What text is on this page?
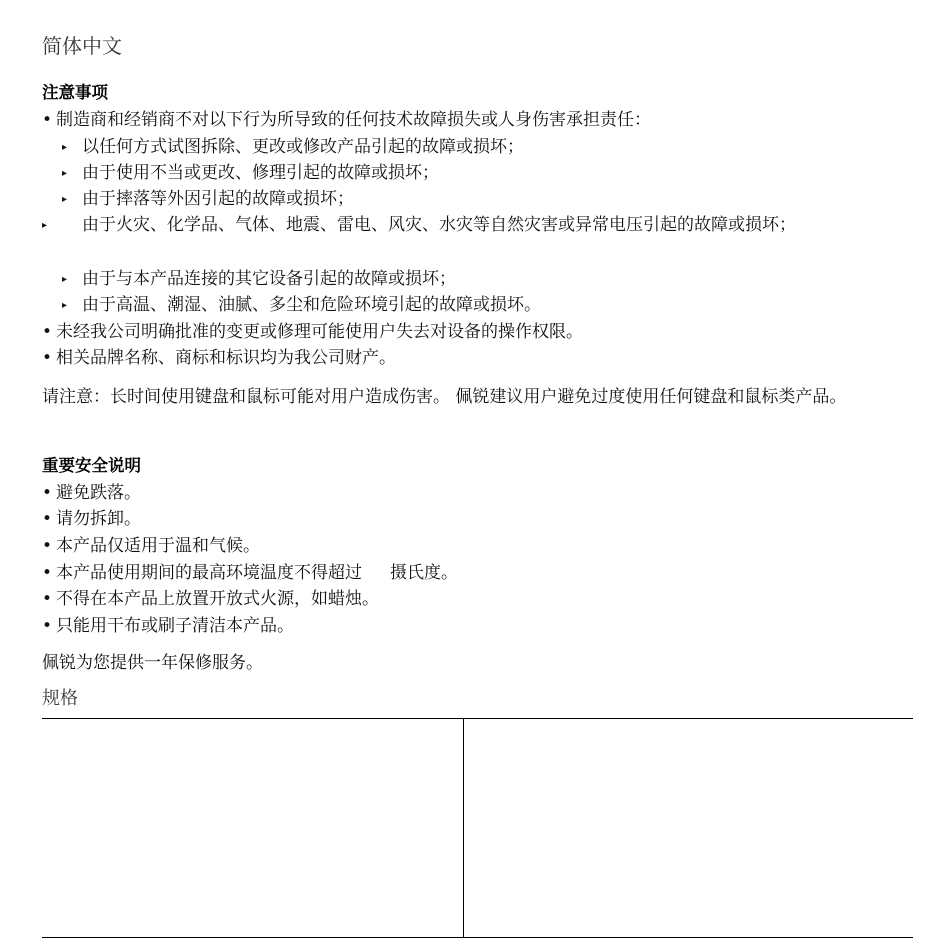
简体中文
注意事项
• 制造商和经销商不对以下行为所导致的任何技术故障损失或人身伤害承担责任：
▸ 以任何方式试图拆除、更改或修改产品引起的故障或损坏；
▸ 由于使用不当或更改、修理引起的故障或损坏；
▸ 由于摔落等外因引起的故障或损坏；
▸ 由于火灾、化学品、气体、地震、雷电、风灾、水灾等自然灾害或异常电压引起的故障或损坏；
▸ 由于与本产品连接的其它设备引起的故障或损坏；
▸ 由于高温、潮湿、油腻、多尘和危险环境引起的故障或损坏。
• 未经我公司明确批准的变更或修理可能使用户失去对设备的操作权限。
• 相关品牌名称、商标和标识均为我公司财产。
请注意：长时间使用键盘和鼠标可能对用户造成伤害。 佩锐建议用户避免过度使用任何键盘和鼠标类产品。
重要安全说明
• 避免跌落。
• 请勿拆卸。
• 本产品仅适用于温和气候。
• 本产品使用期间的最高环境温度不得超过 摄氏度。
• 不得在本产品上放置开放式火源，如蜡烛。
• 只能用干布或刷子清洁本产品。
佩锐为您提供一年保修服务。
规格
